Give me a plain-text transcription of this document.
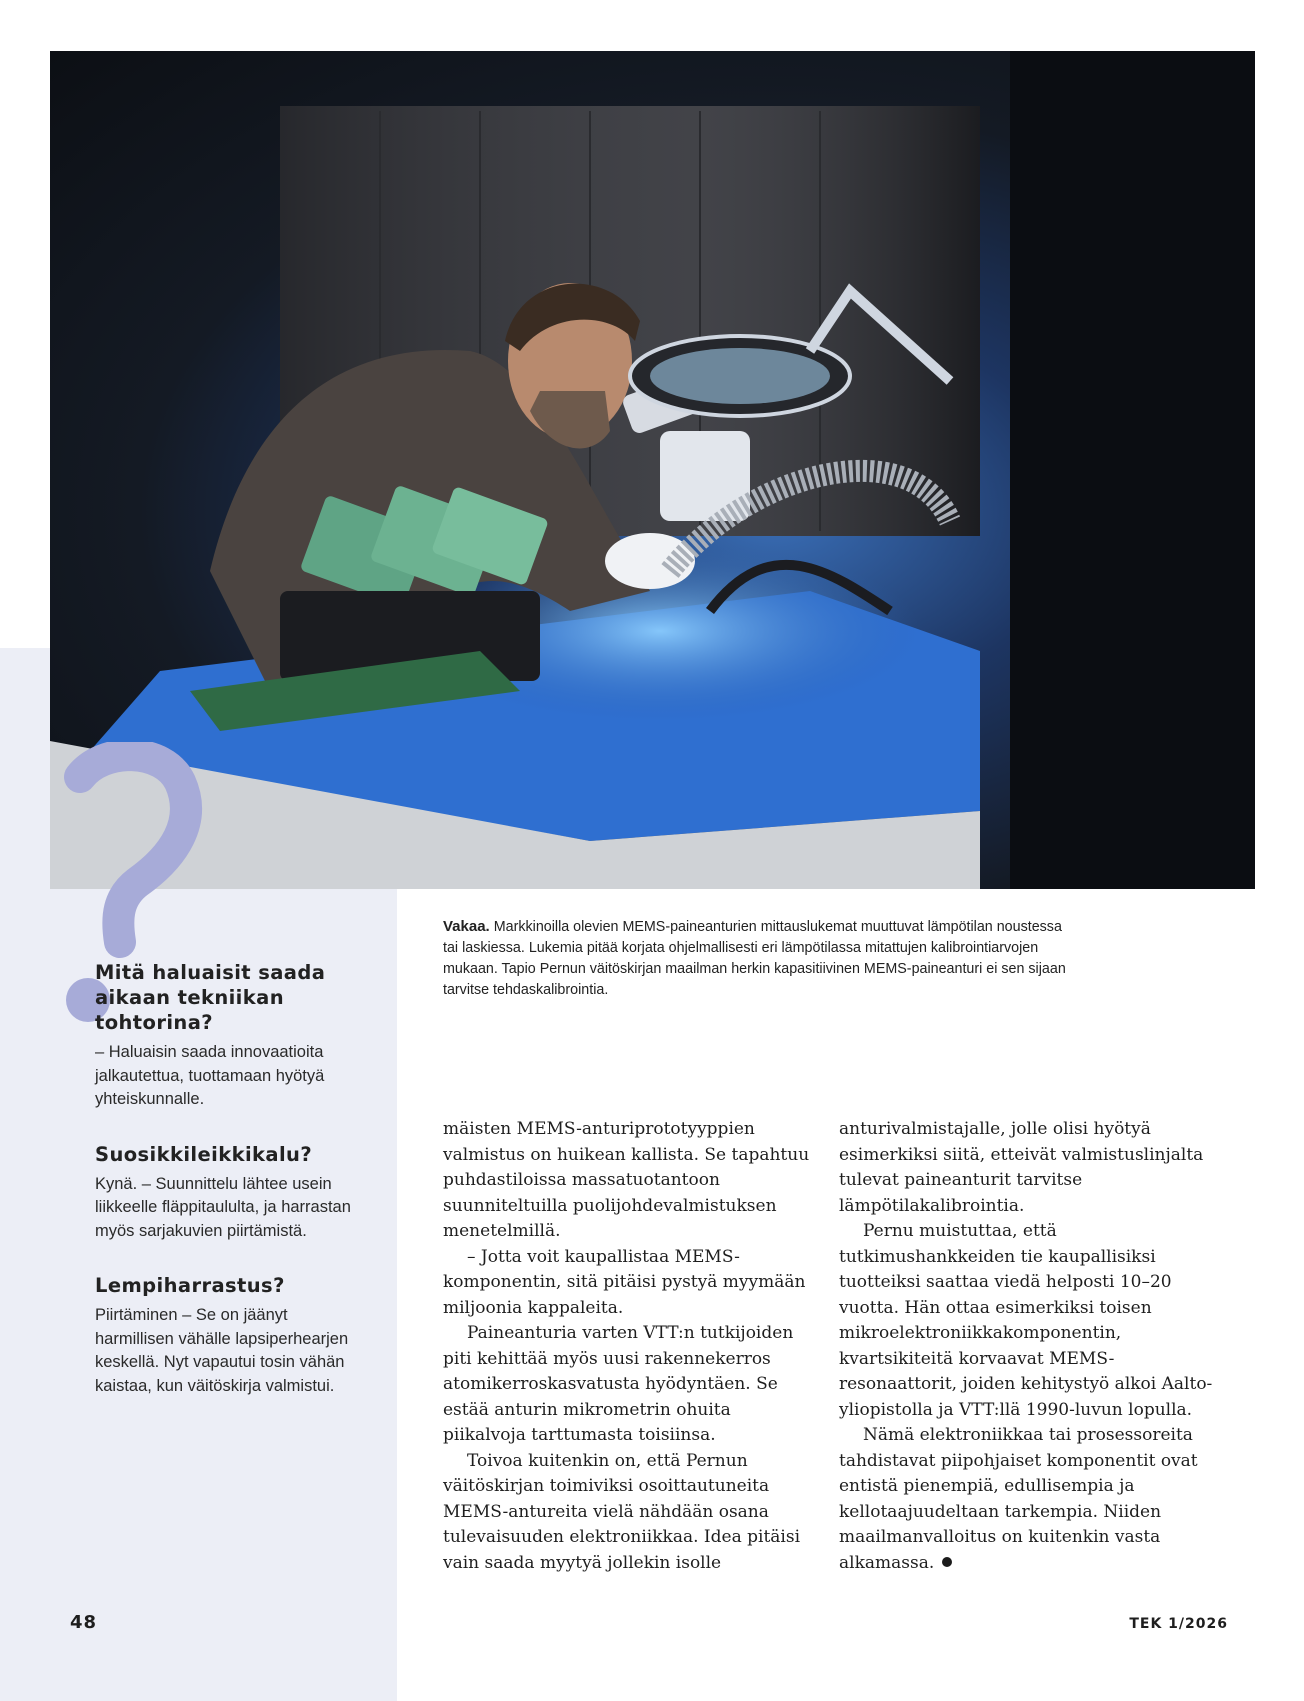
Mitä haluaisit saada aikaan tekniikan tohtorina?

– Haluaisin saada innovaatioita jalkautettua, tuottamaan hyötyä yhteiskunnalle.

Suosikkileikkikalu?

Kynä. – Suunnittelu lähtee usein liikkeelle fläppitaululta, ja harrastan myös sarjakuvien piirtämistä.

Lempiharrastus?

Piirtäminen – Se on jäänyt harmillisen vähälle lapsiperhearjen keskellä. Nyt vapautui tosin vähän kaistaa, kun väitöskirja valmistui.

Vakaa. Markkinoilla olevien MEMS-paineanturien mittauslukemat muuttuvat lämpötilan noustessa tai laskiessa. Lukemia pitää korjata ohjelmallisesti eri lämpötilassa mitattujen kalibrointiarvojen mukaan. Tapio Pernun väitöskirjan maailman herkin kapasitiivinen MEMS-paineanturi ei sen sijaan tarvitse tehdaskalibrointia.

mäisten MEMS-anturiprototyyppien valmistus on huikean kallista. Se tapahtuu puhdastiloissa massatuotantoon suunniteltuilla puolijohdevalmistuksen menetelmillä.

– Jotta voit kaupallistaa MEMS-komponentin, sitä pitäisi pystyä myymään miljoonia kappaleita.

Paineanturia varten VTT:n tutkijoiden piti kehittää myös uusi rakennekerros atomikerroskasvatusta hyödyntäen. Se estää anturin mikrometrin ohuita piikalvoja tarttumasta toisiinsa.

Toivoa kuitenkin on, että Pernun väitöskirjan toimiviksi osoittautuneita MEMS-antureita vielä nähdään osana tulevaisuuden elektroniikkaa. Idea pitäisi vain saada myytyä jollekin isolle

anturivalmistajalle, jolle olisi hyötyä esimerkiksi siitä, etteivät valmistuslinjalta tulevat paineanturit tarvitse lämpötilakalibrointia.

Pernu muistuttaa, että tutkimushankkeiden tie kaupallisiksi tuotteiksi saattaa viedä helposti 10–20 vuotta. Hän ottaa esimerkiksi toisen mikroelektroniikkakomponentin, kvartsikiteitä korvaavat MEMS-resonaattorit, joiden kehitystyö alkoi Aalto-yliopistolla ja VTT:llä 1990-luvun lopulla.

Nämä elektroniikkaa tai prosessoreita tahdistavat piipohjaiset komponentit ovat entistä pienempiä, edullisempia ja kellotaajuudeltaan tarkempia. Niiden maailmanvalloitus on kuitenkin vasta alkamassa.

48	TEK 1/2026
